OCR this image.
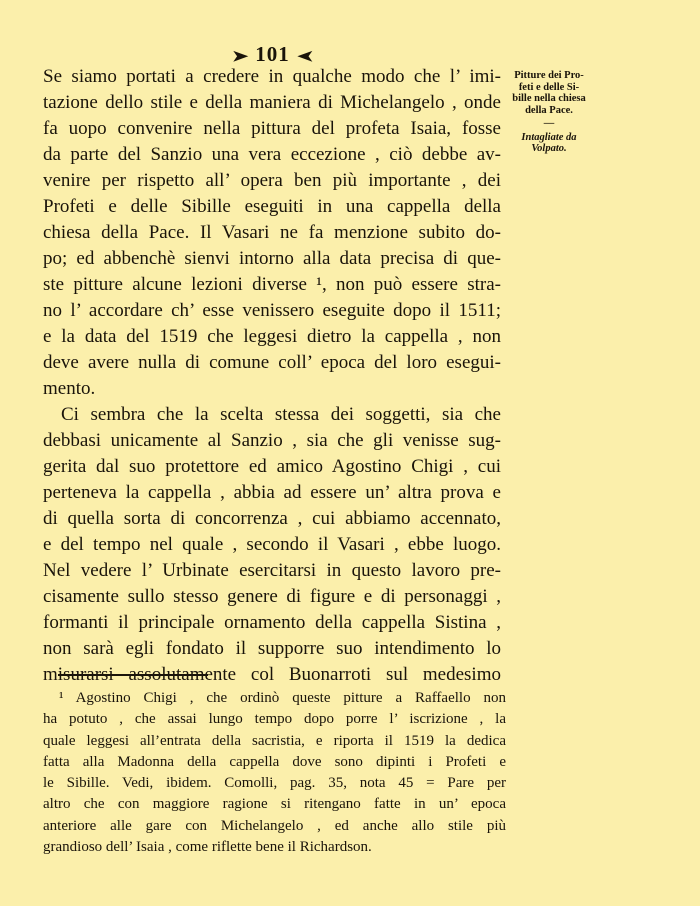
➤ 101 ➤
Se siamo portati a credere in qualche modo che l’ imi-
tazione dello stile e della maniera di Michelangelo , onde
fa uopo convenire nella pittura del profeta Isaia, fosse
da parte del Sanzio una vera eccezione , ciò debbe av-
venire per rispetto all’ opera ben più importante , dei
Profeti e delle Sibille eseguiti in una cappella della
chiesa della Pace. Il Vasari ne fa menzione subito do-
po; ed abbenchè sienvi intorno alla data precisa di que-
ste pitture alcune lezioni diverse ¹, non può essere stra-
no l’ accordare ch’ esse venissero eseguite dopo il 1511;
e la data del 1519 che leggesi dietro la cappella , non
deve avere nulla di comune coll’ epoca del loro esegui-
mento.
Ci sembra che la scelta stessa dei soggetti, sia che
debbasi unicamente al Sanzio , sia che gli venisse sug-
gerita dal suo protettore ed amico Agostino Chigi , cui
perteneva la cappella , abbia ad essere un’ altra prova e
di quella sorta di concorrenza , cui abbiamo accennato,
e del tempo nel quale , secondo il Vasari , ebbe luogo.
Nel vedere l’ Urbinate esercitarsi in questo lavoro pre-
cisamente sullo stesso genere di figure e di personaggi ,
formanti il principale ornamento della cappella Sistina ,
non sarà egli fondato il supporre suo intendimento lo
misurarsi assolutamente col Buonarroti sul medesimo
Pitture dei Pro-
feti e delle Si-
bille nella chiesa
della Pace.
—
Intagliate da
Volpato.
¹ Agostino Chigi , che ordinò queste pitture a Raffaello non
ha potuto , che assai lungo tempo dopo porre l’ iscrizione , la
quale leggesi all’entrata della sacristia, e riporta il 1519 la dedica
fatta alla Madonna della cappella dove sono dipinti i Profeti e
le Sibille. Vedi, ibidem. Comolli, pag. 35, nota 45 = Pare per
altro che con maggiore ragione si ritengano fatte in un’ epoca
anteriore alle gare con Michelangelo , ed anche allo stile più
grandioso dell’ Isaia , come riflette bene il Richardson.
